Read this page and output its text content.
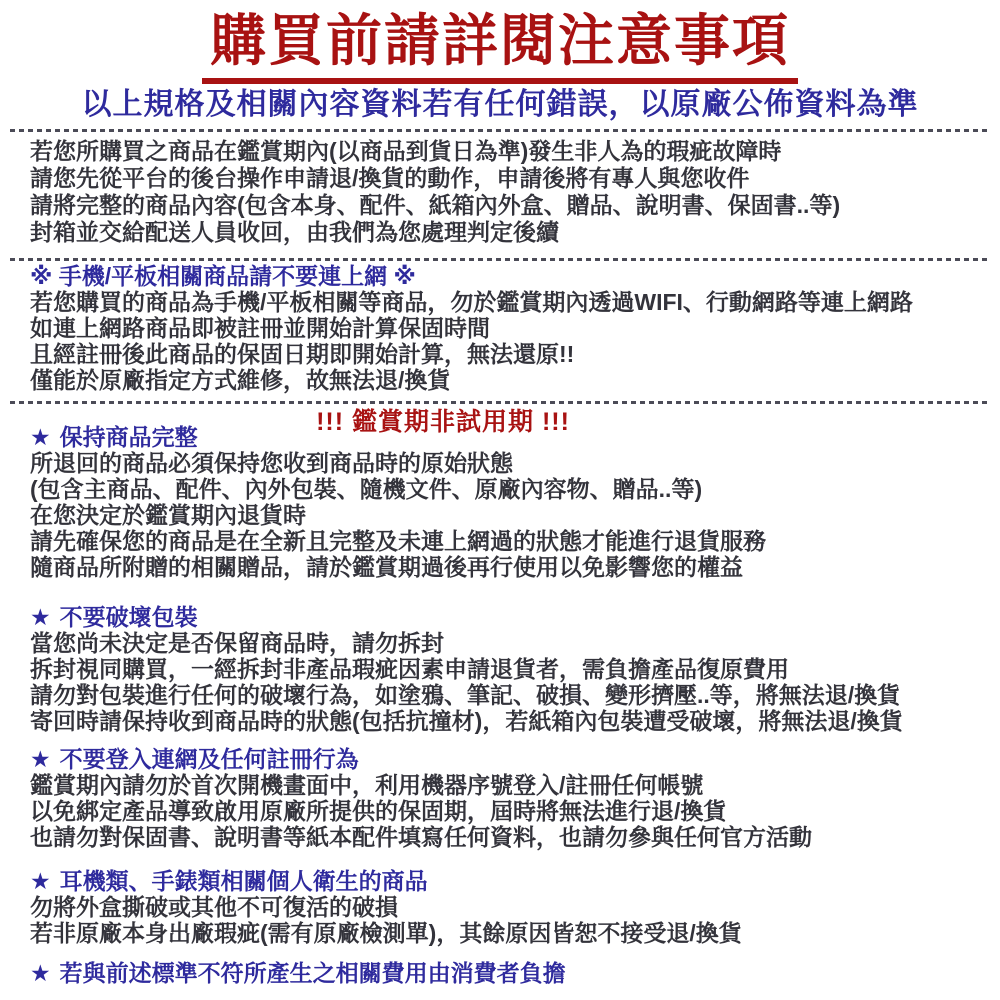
購買前請詳閱注意事項
以上規格及相關內容資料若有任何錯誤，以原廠公佈資料為準
若您所購買之商品在鑑賞期內(以商品到貨日為準)發生非人為的瑕疵故障時
請您先從平台的後台操作申請退/換貨的動作，申請後將有專人與您收件
請將完整的商品內容(包含本身、配件、紙箱內外盒、贈品、說明書、保固書..等)
封箱並交給配送人員收回，由我們為您處理判定後續
※ 手機/平板相關商品請不要連上網 ※
若您購買的商品為手機/平板相關等商品，勿於鑑賞期內透過WIFI、行動網路等連上網路
如連上網路商品即被註冊並開始計算保固時間
且經註冊後此商品的保固日期即開始計算，無法還原!!
僅能於原廠指定方式維修，故無法退/換貨
!!! 鑑賞期非試用期 !!!
★ 保持商品完整
所退回的商品必須保持您收到商品時的原始狀態
(包含主商品、配件、內外包裝、隨機文件、原廠內容物、贈品..等)
在您決定於鑑賞期內退貨時
請先確保您的商品是在全新且完整及未連上網過的狀態才能進行退貨服務
隨商品所附贈的相關贈品，請於鑑賞期過後再行使用以免影響您的權益
★ 不要破壞包裝
當您尚未決定是否保留商品時，請勿拆封
拆封視同購買，一經拆封非產品瑕疵因素申請退貨者，需負擔產品復原費用
請勿對包裝進行任何的破壞行為，如塗鴉、筆記、破損、變形擠壓..等，將無法退/換貨
寄回時請保持收到商品時的狀態(包括抗撞材)，若紙箱內包裝遭受破壞，將無法退/換貨
★ 不要登入連網及任何註冊行為
鑑賞期內請勿於首次開機畫面中，利用機器序號登入/註冊任何帳號
以免綁定產品導致啟用原廠所提供的保固期，屆時將無法進行退/換貨
也請勿對保固書、說明書等紙本配件填寫任何資料，也請勿參與任何官方活動
★ 耳機類、手錶類相關個人衛生的商品
勿將外盒撕破或其他不可復活的破損
若非原廠本身出廠瑕疵(需有原廠檢測單)，其餘原因皆恕不接受退/換貨
★ 若與前述標準不符所產生之相關費用由消費者負擔
